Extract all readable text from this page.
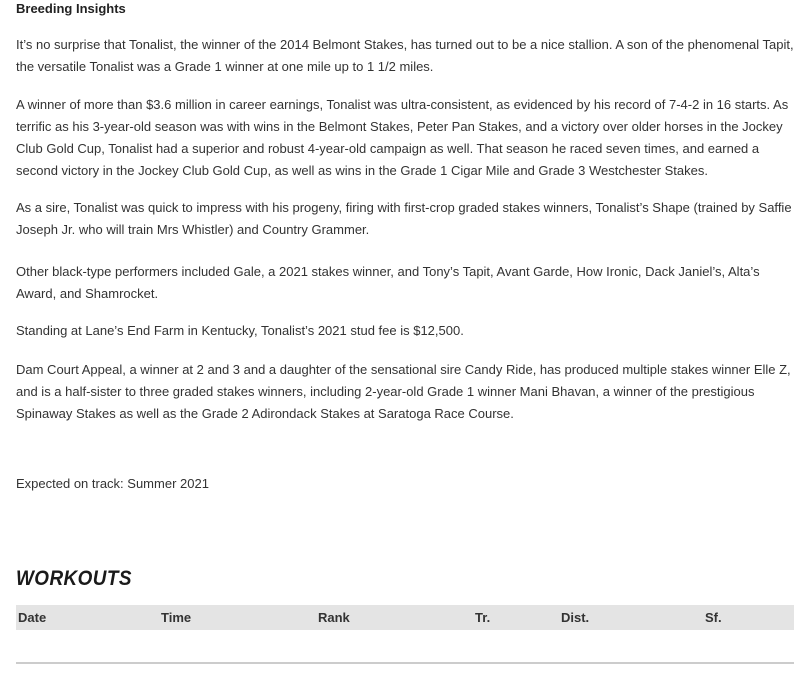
Breeding Insights

It’s no surprise that Tonalist, the winner of the 2014 Belmont Stakes, has turned out to be a nice stallion. A son of the phenomenal Tapit, the versatile Tonalist was a Grade 1 winner at one mile up to 1 1/2 miles.

A winner of more than $3.6 million in career earnings, Tonalist was ultra-consistent, as evidenced by his record of 7-4-2 in 16 starts. As terrific as his 3-year-old season was with wins in the Belmont Stakes, Peter Pan Stakes, and a victory over older horses in the Jockey Club Gold Cup, Tonalist had a superior and robust 4-year-old campaign as well. That season he raced seven times, and earned a second victory in the Jockey Club Gold Cup, as well as wins in the Grade 1 Cigar Mile and Grade 3 Westchester Stakes.

As a sire, Tonalist was quick to impress with his progeny, firing with first-crop graded stakes winners, Tonalist’s Shape (trained by Saffie Joseph Jr. who will train Mrs Whistler) and Country Grammer.

Other black-type performers included Gale, a 2021 stakes winner, and Tony’s Tapit, Avant Garde, How Ironic, Dack Janiel’s, Alta’s Award, and Shamrocket.

Standing at Lane’s End Farm in Kentucky, Tonalist’s 2021 stud fee is $12,500.

Dam Court Appeal, a winner at 2 and 3 and a daughter of the sensational sire Candy Ride, has produced multiple stakes winner Elle Z, and is a half-sister to three graded stakes winners, including 2-year-old Grade 1 winner Mani Bhavan, a winner of the prestigious Spinaway Stakes as well as the Grade 2 Adirondack Stakes at Saratoga Race Course.

Expected on track: Summer 2021

WORKOUTS
Date	Time	Rank	Tr.	Dist.	Sf.
